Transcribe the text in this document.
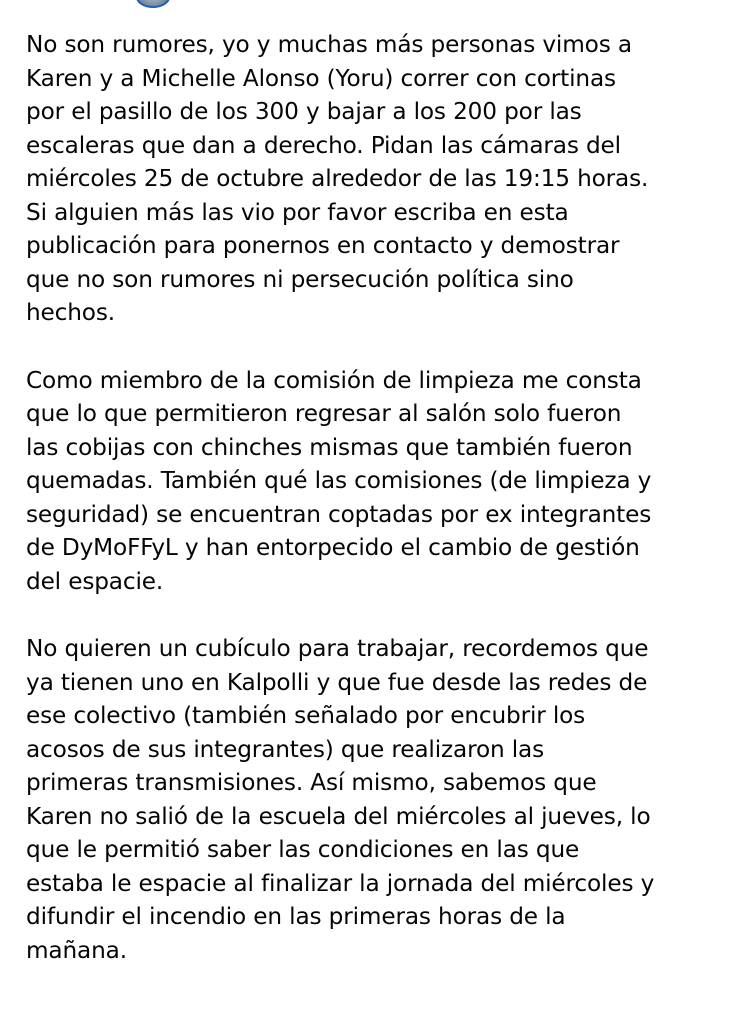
No son rumores, yo y muchas más personas vimos a
Karen y a Michelle Alonso (Yoru) correr con cortinas
por el pasillo de los 300 y bajar a los 200 por las
escaleras que dan a derecho. Pidan las cámaras del
miércoles 25 de octubre alrededor de las 19:15 horas.
Si alguien más las vio por favor escriba en esta
publicación para ponernos en contacto y demostrar
que no son rumores ni persecución política sino
hechos.

Como miembro de la comisión de limpieza me consta
que lo que permitieron regresar al salón solo fueron
las cobijas con chinches mismas que también fueron
quemadas. También qué las comisiones (de limpieza y
seguridad) se encuentran coptadas por ex integrantes
de DyMoFFyL y han entorpecido el cambio de gestión
del espacie.

No quieren un cubículo para trabajar, recordemos que
ya tienen uno en Kalpolli y que fue desde las redes de
ese colectivo (también señalado por encubrir los
acosos de sus integrantes) que realizaron las
primeras transmisiones. Así mismo, sabemos que
Karen no salió de la escuela del miércoles al jueves, lo
que le permitió saber las condiciones en las que
estaba le espacie al finalizar la jornada del miércoles y
difundir el incendio en las primeras horas de la
mañana.
